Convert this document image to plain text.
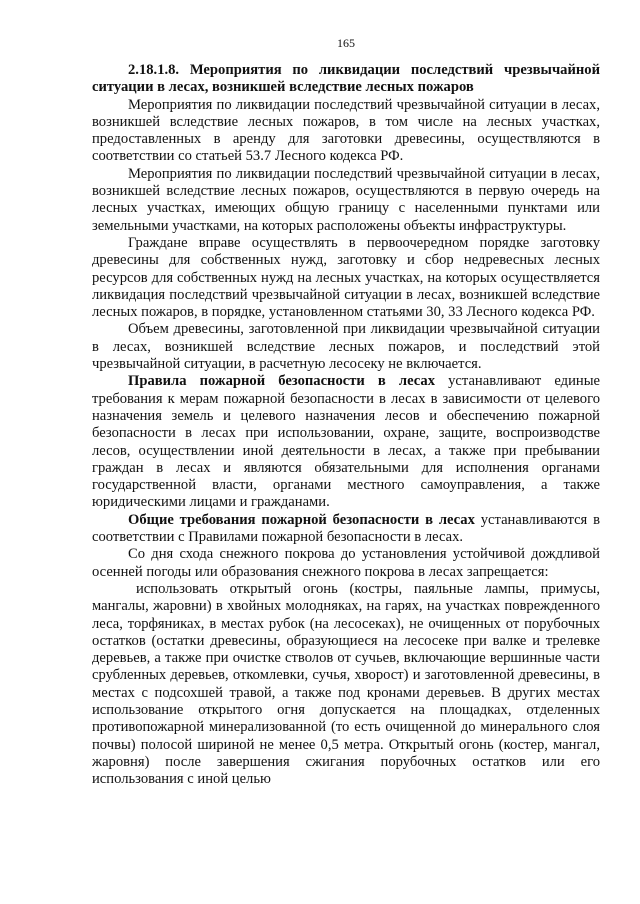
165

2.18.1.8. Мероприятия по ликвидации последствий чрезвычайной ситуации в лесах, возникшей вследствие лесных пожаров

Мероприятия по ликвидации последствий чрезвычайной ситуации в лесах, возникшей вследствие лесных пожаров, в том числе на лесных участках, предоставленных в аренду для заготовки древесины, осуществляются в соответствии со статьей 53.7 Лесного кодекса РФ.

Мероприятия по ликвидации последствий чрезвычайной ситуации в лесах, возникшей вследствие лесных пожаров, осуществляются в первую очередь на лесных участках, имеющих общую границу с населенными пунктами или земельными участками, на которых расположены объекты инфраструктуры.

Граждане вправе осуществлять в первоочередном порядке заготовку древесины для собственных нужд, заготовку и сбор недревесных лесных ресурсов для собственных нужд на лесных участках, на которых осуществляется ликвидация последствий чрезвычайной ситуации в лесах, возникшей вследствие лесных пожаров, в порядке, установленном статьями 30, 33 Лесного кодекса РФ.

Объем древесины, заготовленной при ликвидации чрезвычайной ситуации в лесах, возникшей вследствие лесных пожаров, и последствий этой чрезвычайной ситуации, в расчетную лесосеку не включается.

Правила пожарной безопасности в лесах устанавливают единые требования к мерам пожарной безопасности в лесах в зависимости от целевого назначения земель и целевого назначения лесов и обеспечению пожарной безопасности в лесах при использовании, охране, защите, воспроизводстве лесов, осуществлении иной деятельности в лесах, а также при пребывании граждан в лесах и являются обязательными для исполнения органами государственной власти, органами местного самоуправления, а также юридическими лицами и гражданами.

Общие требования пожарной безопасности в лесах устанавливаются в соответствии с Правилами пожарной безопасности в лесах.

Со дня схода снежного покрова до установления устойчивой дождливой осенней погоды или образования снежного покрова в лесах запрещается:

использовать открытый огонь (костры, паяльные лампы, примусы, мангалы, жаровни) в хвойных молодняках, на гарях, на участках поврежденного леса, торфяниках, в местах рубок (на лесосеках), не очищенных от порубочных остатков (остатки древесины, образующиеся на лесосеке при валке и трелевке деревьев, а также при очистке стволов от сучьев, включающие вершинные части срубленных деревьев, откомлевки, сучья, хворост) и заготовленной древесины, в местах с подсохшей травой, а также под кронами деревьев. В других местах использование открытого огня допускается на площадках, отделенных противопожарной минерализованной (то есть очищенной до минерального слоя почвы) полосой шириной не менее 0,5 метра. Открытый огонь (костер, мангал, жаровня) после завершения сжигания порубочных остатков или его использования с иной целью
